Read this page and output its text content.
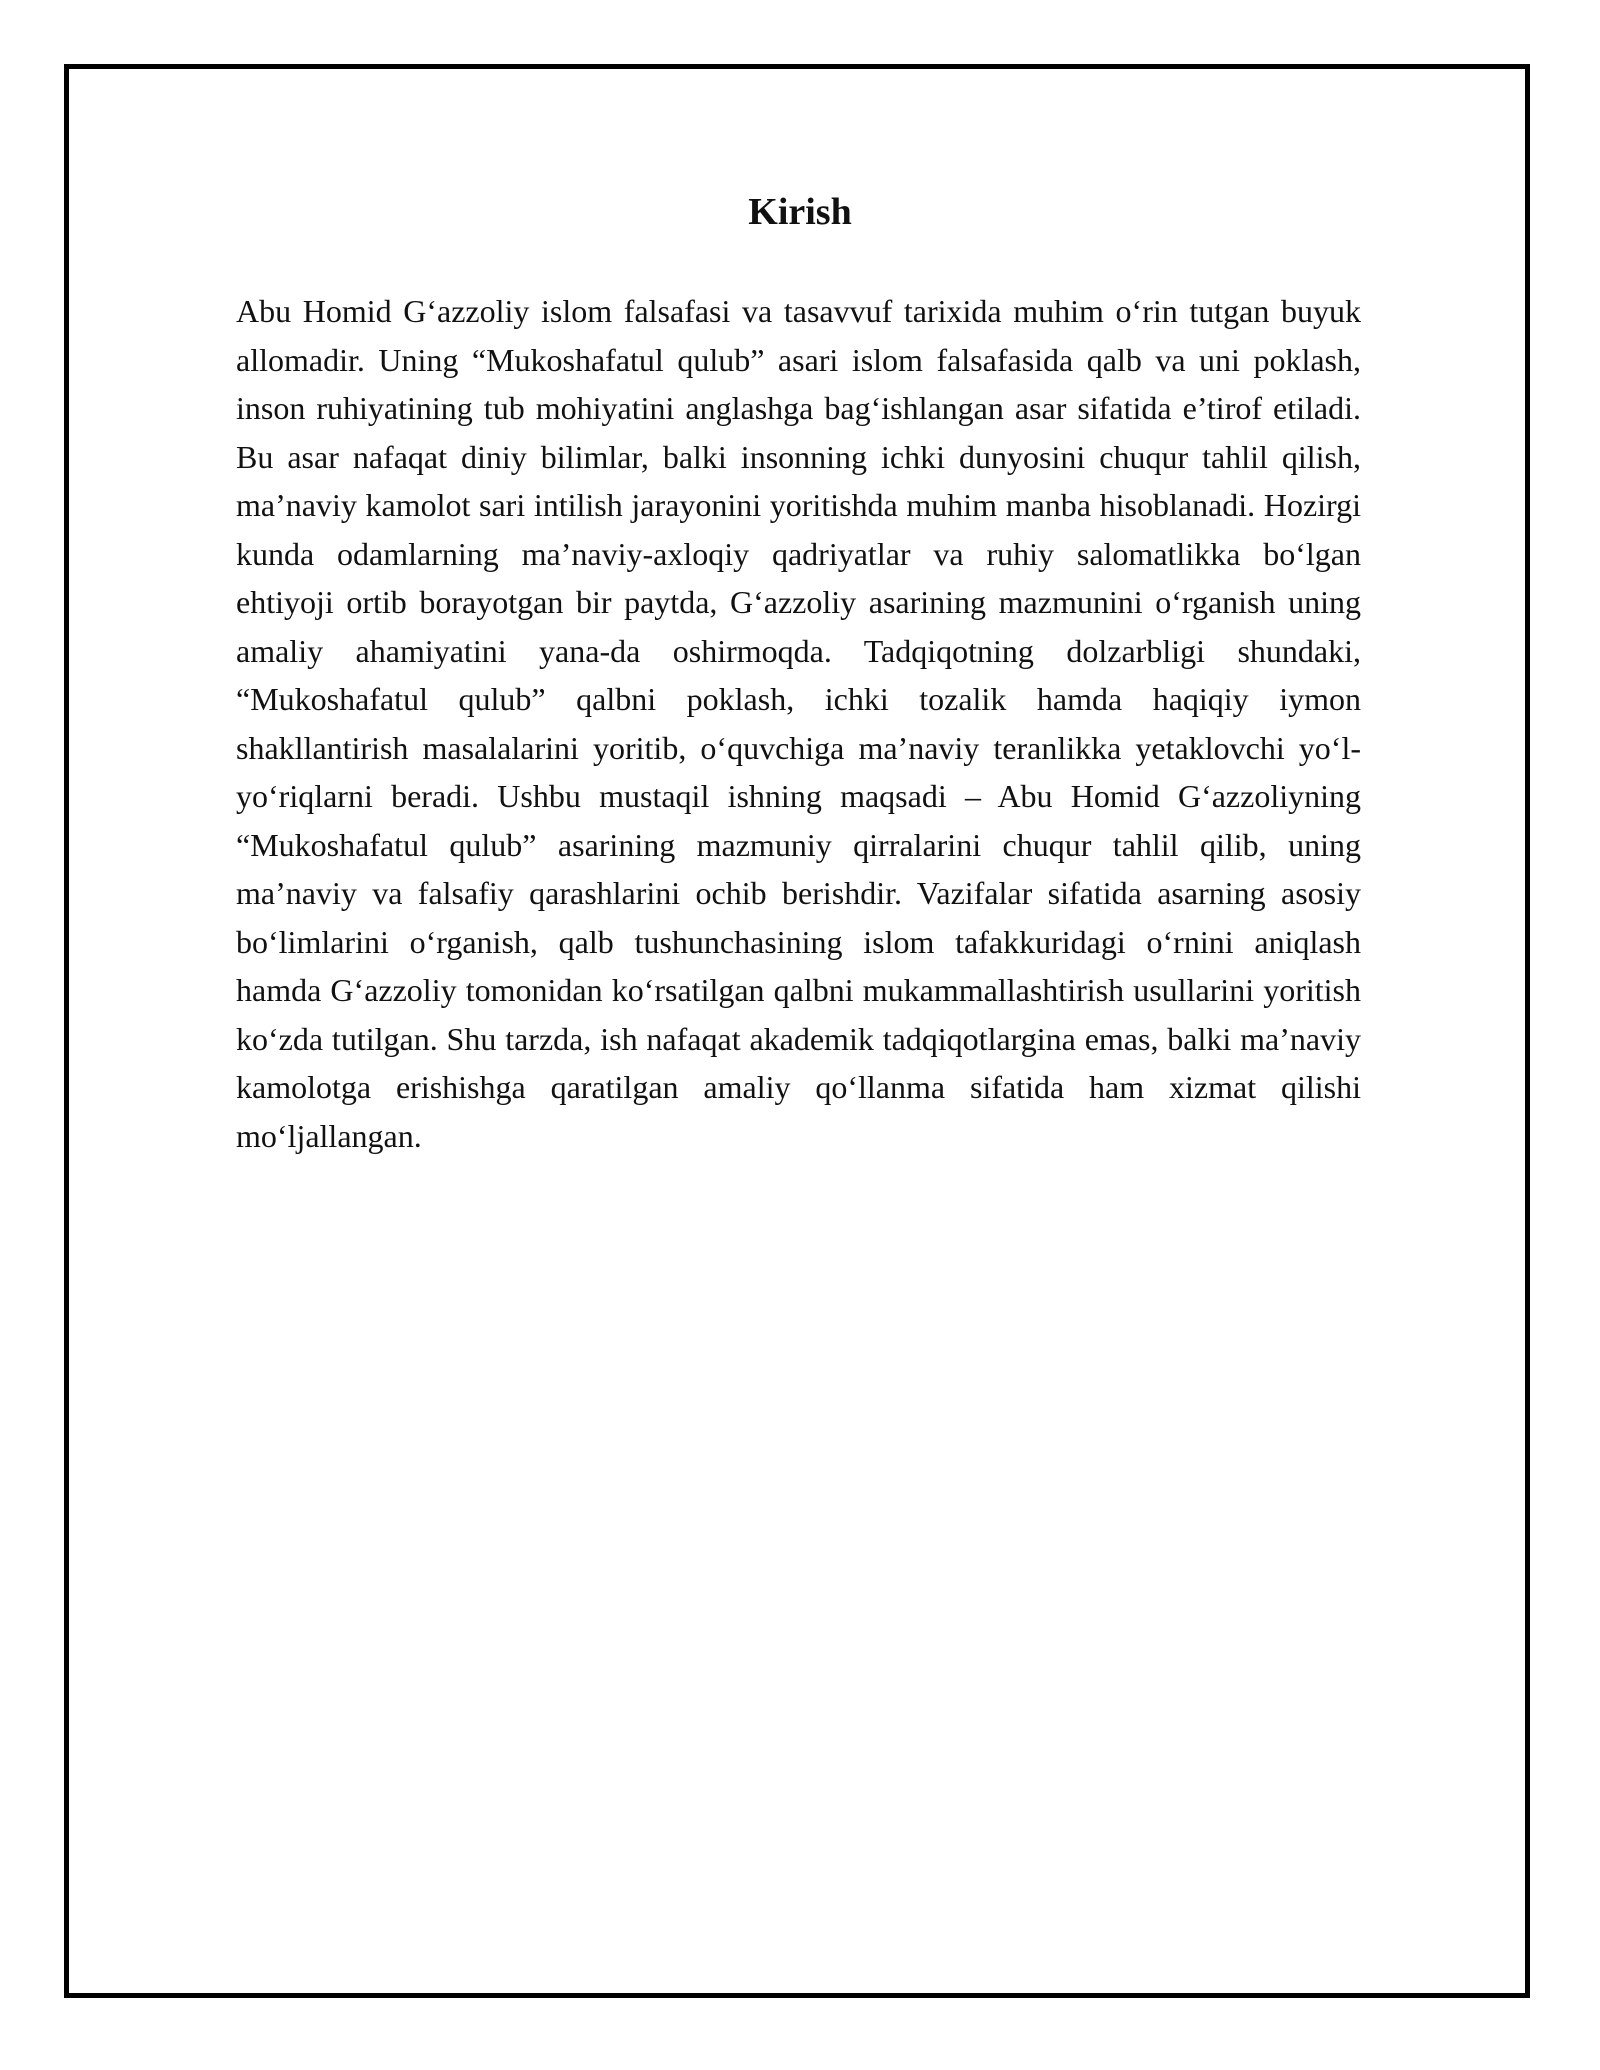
Kirish

Abu Homid G‘azzoliy islom falsafasi va tasavvuf tarixida muhim o‘rin tutgan buyuk allomadir. Uning “Mukoshafatul qulub” asari islom falsafasida qalb va uni poklash, inson ruhiyatining tub mohiyatini anglashga bag‘ishlangan asar sifatida e’tirof etiladi. Bu asar nafaqat diniy bilimlar, balki insonning ichki dunyosini chuqur tahlil qilish, ma’naviy kamolot sari intilish jarayonini yoritishda muhim manba hisoblanadi. Hozirgi kunda odamlarning ma’naviy-axloqiy qadriyatlar va ruhiy salomatlikka bo‘lgan ehtiyoji ortib borayotgan bir paytda, G‘azzoliy asarining mazmunini o‘rganish uning amaliy ahamiyatini yana-da oshirmoqda. Tadqiqotning dolzarbligi shundaki, “Mukoshafatul qulub” qalbni poklash, ichki tozalik hamda haqiqiy iymon shakllantirish masalalarini yoritib, o‘quvchiga ma’naviy teranlikka yetaklovchi yo‘l-yo‘riqlarni beradi. Ushbu mustaqil ishning maqsadi – Abu Homid G‘azzoliyning “Mukoshafatul qulub” asarining mazmuniy qirralarini chuqur tahlil qilib, uning ma’naviy va falsafiy qarashlarini ochib berishdir. Vazifalar sifatida asarning asosiy bo‘limlarini o‘rganish, qalb tushunchasining islom tafakkuridagi o‘rnini aniqlash hamda G‘azzoliy tomonidan ko‘rsatilgan qalbni mukammallashtirish usullarini yoritish ko‘zda tutilgan. Shu tarzda, ish nafaqat akademik tadqiqotlargina emas, balki ma’naviy kamolotga erishishga qaratilgan amaliy qo‘llanma sifatida ham xizmat qilishi mo‘ljallangan.
